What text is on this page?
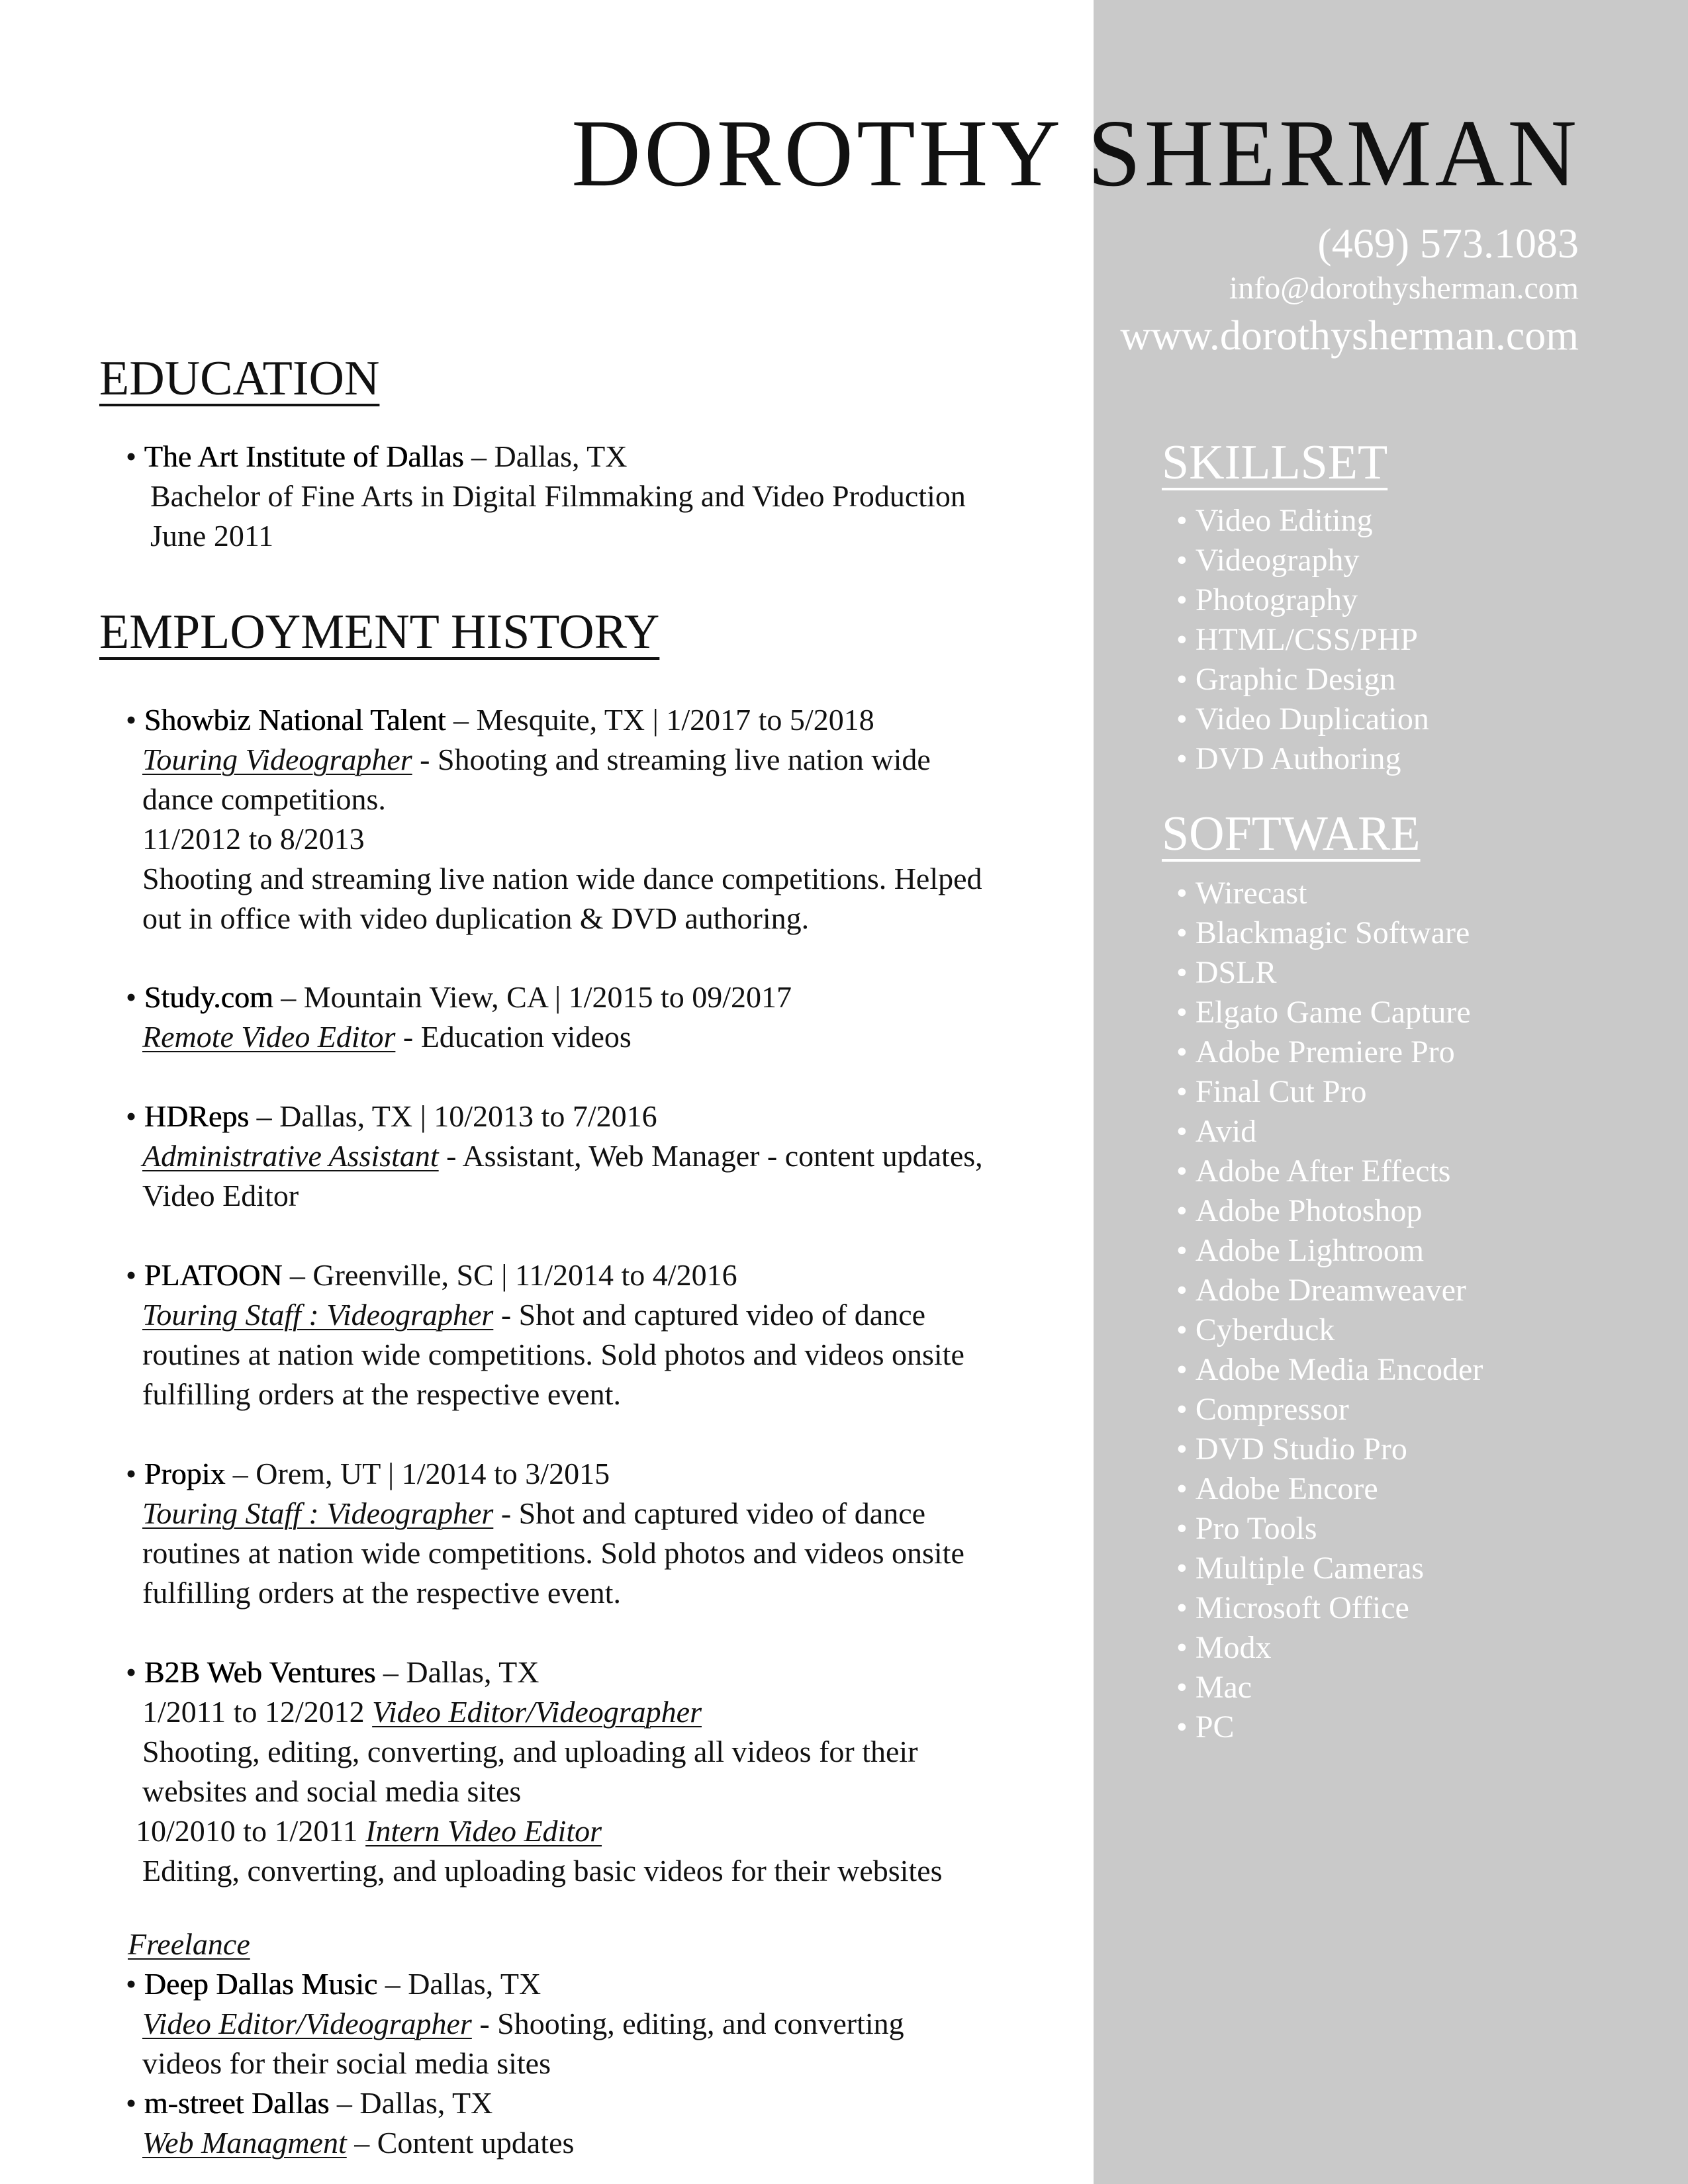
DOROTHY SHERMAN
(469) 573.1083
info@dorothysherman.com
www.dorothysherman.com
EDUCATION
• The Art Institute of Dallas – Dallas, TX
Bachelor of Fine Arts in Digital Filmmaking and Video Production
June 2011
EMPLOYMENT HISTORY
• Showbiz National Talent – Mesquite, TX | 1/2017 to 5/2018
Touring Videographer - Shooting and streaming live nation wide
dance competitions.
11/2012 to 8/2013
Shooting and streaming live nation wide dance competitions. Helped
out in office with video duplication & DVD authoring.
• Study.com – Mountain View, CA | 1/2015 to 09/2017
Remote Video Editor - Education videos
• HDReps – Dallas, TX | 10/2013 to 7/2016
Administrative Assistant - Assistant, Web Manager - content updates,
Video Editor
• PLATOON – Greenville, SC | 11/2014 to 4/2016
Touring Staff : Videographer - Shot and captured video of dance
routines at nation wide competitions. Sold photos and videos onsite
fulfilling orders at the respective event.
• Propix – Orem, UT | 1/2014 to 3/2015
Touring Staff : Videographer - Shot and captured video of dance
routines at nation wide competitions. Sold photos and videos onsite
fulfilling orders at the respective event.
• B2B Web Ventures – Dallas, TX
1/2011 to 12/2012 Video Editor/Videographer
Shooting, editing, converting, and uploading all videos for their
websites and social media sites
10/2010 to 1/2011 Intern Video Editor
Editing, converting, and uploading basic videos for their websites
Freelance
• Deep Dallas Music – Dallas, TX
Video Editor/Videographer - Shooting, editing, and converting
videos for their social media sites
• m-street Dallas – Dallas, TX
Web Managment – Content updates
SKILLSET
• Video Editing
• Videography
• Photography
• HTML/CSS/PHP
• Graphic Design
• Video Duplication
• DVD Authoring
SOFTWARE
• Wirecast
• Blackmagic Software
• DSLR
• Elgato Game Capture
• Adobe Premiere Pro
• Final Cut Pro
• Avid
• Adobe After Effects
• Adobe Photoshop
• Adobe Lightroom
• Adobe Dreamweaver
• Cyberduck
• Adobe Media Encoder
• Compressor
• DVD Studio Pro
• Adobe Encore
• Pro Tools
• Multiple Cameras
• Microsoft Office
• Modx
• Mac
• PC
